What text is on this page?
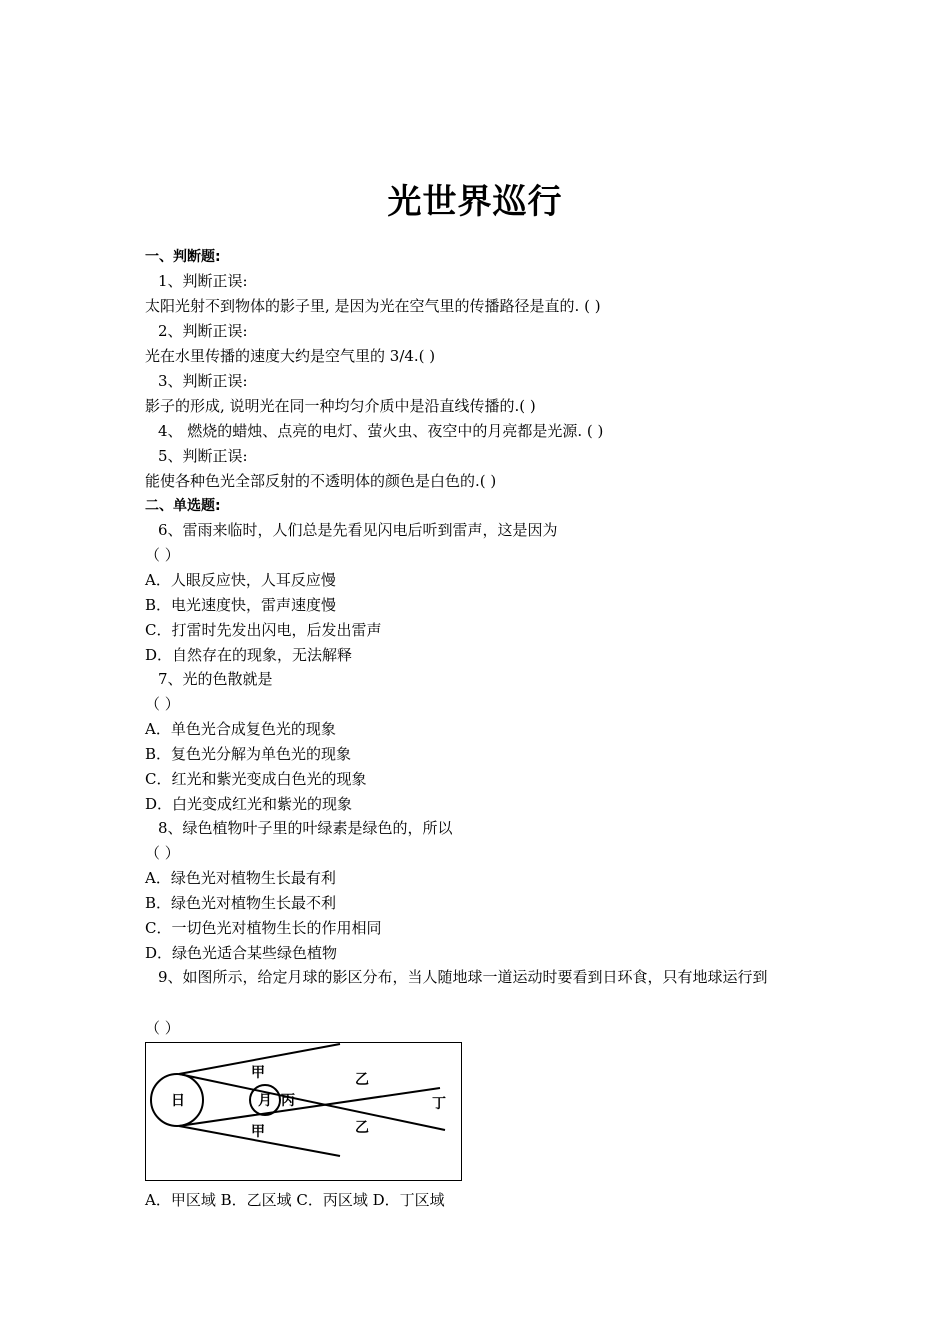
光世界巡行
一、判断题:
1、判断正误:
太阳光射不到物体的影子里, 是因为光在空气里的传播路径是直的. ( )
2、判断正误:
光在水里传播的速度大约是空气里的 3/4.( )
3、判断正误:
影子的形成, 说明光在同一种均匀介质中是沿直线传播的.( )
4、 燃烧的蜡烛、点亮的电灯、萤火虫、夜空中的月亮都是光源. ( )
5、判断正误:
能使各种色光全部反射的不透明体的颜色是白色的.( )
二、单选题:
6、雷雨来临时，人们总是先看见闪电后听到雷声，这是因为
（ ）
A．人眼反应快，人耳反应慢
B．电光速度快，雷声速度慢
C．打雷时先发出闪电，后发出雷声
D．自然存在的现象，无法解释
7、光的色散就是
（ ）
A．单色光合成复色光的现象
B．复色光分解为单色光的现象
C．红光和紫光变成白色光的现象
D．白光变成红光和紫光的现象
8、绿色植物叶子里的叶绿素是绿色的，所以
（ ）
A．绿色光对植物生长最有利
B．绿色光对植物生长最不利
C．一切色光对植物生长的作用相同
D．绿色光适合某些绿色植物
9、如图所示，给定月球的影区分布，当人随地球一道运动时要看到日环食，只有地球运行到
（ ）
甲
甲
日	月 丙
乙
乙
丁
A．甲区域 B．乙区域 C．丙区域 D．丁区域
